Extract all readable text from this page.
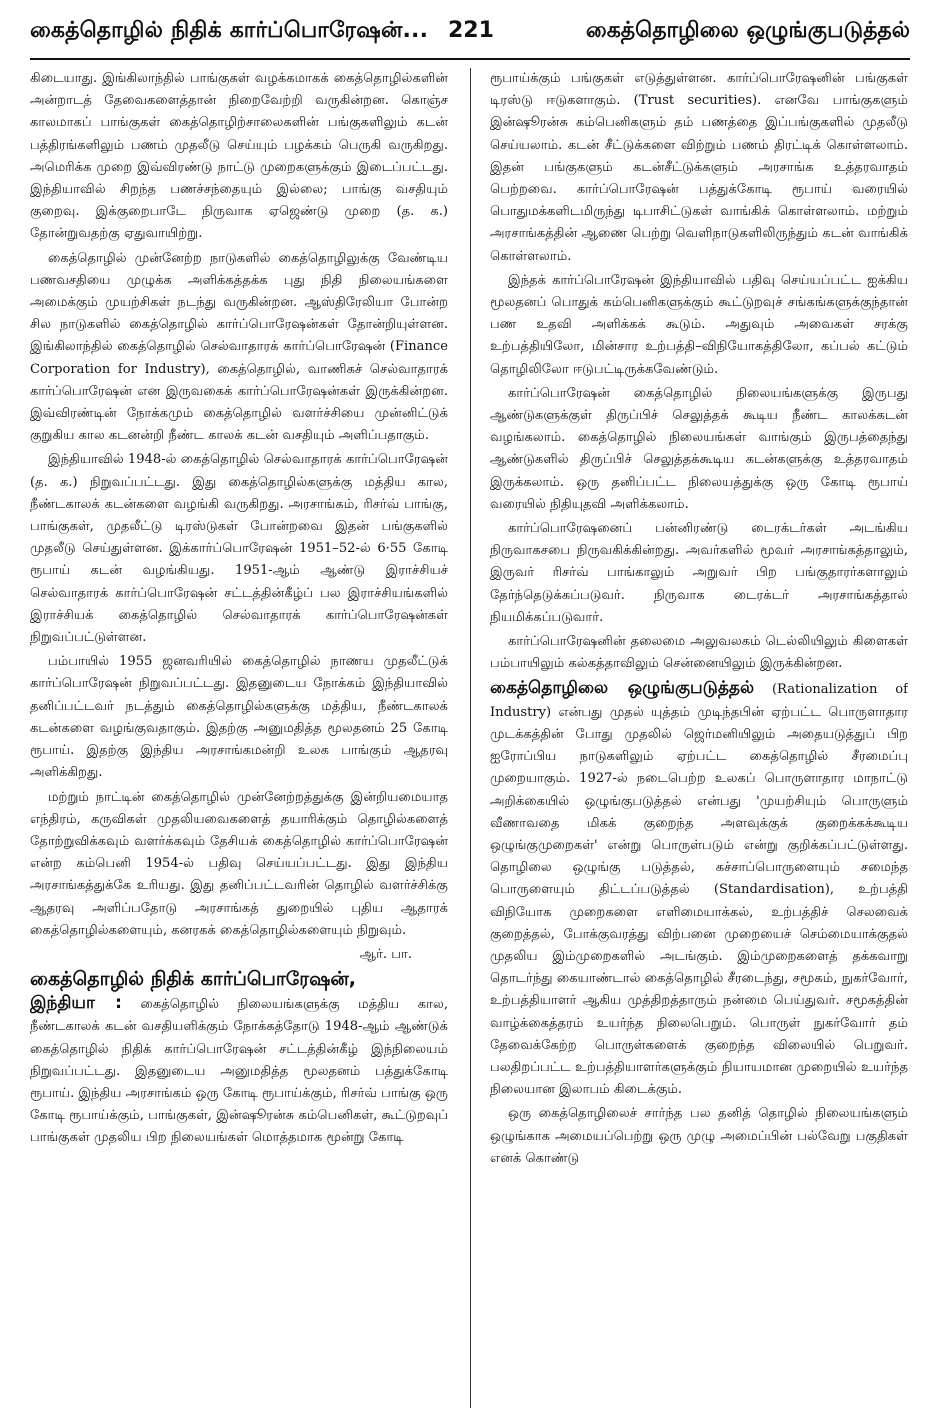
கைத்தொழில் நிதிக் கார்ப்பொரேஷன்... 221	கைத்தொழிலை ஒழுங்குபடுத்தல்

கிடையாது. இங்கிலாந்தில் பாங்குகள் வழக்கமாகக் கைத்தொழில்களின் அன்றாடத் தேவைகளைத்தான் நிறைவேற்றி வருகின்றன. கொஞ்ச காலமாகப் பாங்குகள் கைத்தொழிற்சாலைகளின் பங்குகளிலும் கடன் பத்திரங்களிலும் பணம் முதலீடு செய்யும் பழக்கம் பெருகி வருகிறது. அமெரிக்க முறை இவ்விரண்டு நாட்டு முறைகளுக்கும் இடைப்பட்டது. இந்தியாவில் சிறந்த பணச்சந்தையும் இல்லை; பாங்கு வசதியும் குறைவு. இக்குறைபாடே நிருவாக ஏஜெண்டு முறை (த. க.) தோன்றுவதற்கு ஏதுவாயிற்று.

கைத்தொழில் முன்னேற்ற நாடுகளில் கைத்தொழிலுக்கு வேண்டிய பணவசதியை முழுக்க அளிக்கத்தக்க புது நிதி நிலையங்களை அமைக்கும் முயற்சிகள் நடந்து வருகின்றன. ஆஸ்திரேலியா போன்ற சில நாடுகளில் கைத்தொழில் கார்ப்பொரேஷன்கள் தோன்றியுள்ளன. இங்கிலாந்தில் கைத்தொழில் செல்வாதாரக் கார்ப்பொரேஷன் (Finance Corporation for Industry), கைத்தொழில், வாணிகச் செல்வாதாரக் கார்ப்பொரேஷன் என இருவகைக் கார்ப்பொரேஷன்கள் இருக்கின்றன. இவ்விரண்டின் நோக்கமும் கைத்தொழில் வளர்ச்சியை முன்னிட்டுக் குறுகிய கால கடனன்றி நீண்ட காலக் கடன் வசதியும் அளிப்பதாகும்.

இந்தியாவில் 1948-ல் கைத்தொழில் செல்வாதாரக் கார்ப்பொரேஷன் (த. க.) நிறுவப்பட்டது. இது கைத்தொழில்களுக்கு மத்திய கால, நீண்டகாலக் கடன்களை வழங்கி வருகிறது. அரசாங்கம், ரிசர்வ் பாங்கு, பாங்குகள், முதலீட்டு டிரஸ்டுகள் போன்றவை இதன் பங்குகளில் முதலீடு செய்துள்ளன. இக்கார்ப்பொரேஷன் 1951–52-ல் 6·55 கோடி ரூபாய் கடன் வழங்கியது. 1951-ஆம் ஆண்டு இராச்சியச் செல்வாதாரக் கார்ப்பொரேஷன் சட்டத்தின்கீழ்ப் பல இராச்சியங்களில் இராச்சியக் கைத்தொழில் செல்வாதாரக் கார்ப்பொரேஷன்கள் நிறுவப்பட்டுள்ளன.

பம்பாயில் 1955 ஜனவரியில் கைத்தொழில் நாணய முதலீட்டுக் கார்ப்பொரேஷன் நிறுவப்பட்டது. இதனுடைய நோக்கம் இந்தியாவில் தனிப்பட்டவர் நடத்தும் கைத்தொழில்களுக்கு மத்திய, நீண்டகாலக் கடன்களை வழங்குவதாகும். இதற்கு அனுமதித்த மூலதனம் 25 கோடி ரூபாய். இதற்கு இந்திய அரசாங்கமன்றி உலக பாங்கும் ஆதரவு அளிக்கிறது.

மற்றும் நாட்டின் கைத்தொழில் முன்னேற்றத்துக்கு இன்றியமையாத எந்திரம், கருவிகள் முதலியவைகளைத் தயாரிக்கும் தொழில்களைத் தோற்றுவிக்கவும் வளர்க்கவும் தேசியக் கைத்தொழில் கார்ப்பொரேஷன் என்ற கம்பெனி 1954-ல் பதிவு செய்யப்பட்டது. இது இந்திய அரசாங்கத்துக்கே உரியது. இது தனிப்பட்டவரின் தொழில் வளர்ச்சிக்கு ஆதரவு அளிப்பதோடு அரசாங்கத் துறையில் புதிய ஆதாரக் கைத்தொழில்களையும், கனரகக் கைத்தொழில்களையும் நிறுவும்.

ஆர். பா.
கைத்தொழில் நிதிக் கார்ப்பொரேஷன்,

இந்தியா : கைத்தொழில் நிலையங்களுக்கு மத்திய கால, நீண்டகாலக் கடன் வசதியளிக்கும் நோக்கத்தோடு 1948-ஆம் ஆண்டுக் கைத்தொழில் நிதிக் கார்ப்பொரேஷன் சட்டத்தின்கீழ் இந்நிலையம் நிறுவப்பட்டது. இதனுடைய அனுமதித்த மூலதனம் பத்துக்கோடி ரூபாய். இந்திய அரசாங்கம் ஒரு கோடி ரூபாய்க்கும், ரிசர்வ் பாங்கு ஒரு கோடி ரூபாய்க்கும், பாங்குகள், இன்ஷூரன்சு கம்பெனிகள், கூட்டுறவுப் பாங்குகள் முதலிய பிற நிலையங்கள் மொத்தமாக மூன்று கோடி

ரூபாய்க்கும் பங்குகள் எடுத்துள்ளன. கார்ப்பொரேஷனின் பங்குகள் டிரஸ்டு ஈடுகளாகும். (Trust securities). எனவே பாங்குகளும் இன்ஷூரன்சு கம்பெனிகளும் தம் பணத்தை இப்பங்குகளில் முதலீடு செய்யலாம். கடன் சீட்டுக்களை விற்றும் பணம் திரட்டிக் கொள்ளலாம். இதன் பங்குகளும் கடன்சீட்டுக்களும் அரசாங்க உத்தரவாதம் பெற்றவை. கார்ப்பொரேஷன் பத்துக்கோடி ரூபாய் வரையில் பொதுமக்களிடமிருந்து டிபாசிட்டுகள் வாங்கிக் கொள்ளலாம். மற்றும் அரசாங்கத்தின் ஆணை பெற்று வெளிநாடுகளிலிருந்தும் கடன் வாங்கிக் கொள்ளலாம்.

இந்தக் கார்ப்பொரேஷன் இந்தியாவில் பதிவு செய்யப்பட்ட ஐக்கிய மூலதனப் பொதுக் கம்பெனிகளுக்கும் கூட்டுறவுச் சங்கங்களுக்குந்தான் பண உதவி அளிக்கக் கூடும். அதுவும் அவைகள் சரக்கு உற்பத்தியிலோ, மின்சார உற்பத்தி–விநியோகத்திலோ, கப்பல் கட்டும் தொழிலிலோ ஈடுபட்டிருக்கவேண்டும்.

கார்ப்பொரேஷன் கைத்தொழில் நிலையங்களுக்கு இருபது ஆண்டுகளுக்குள் திருப்பிச் செலுத்தக் கூடிய நீண்ட காலக்கடன் வழங்கலாம். கைத்தொழில் நிலையங்கள் வாங்கும் இருபத்தைந்து ஆண்டுகளில் திருப்பிச் செலுத்தக்கூடிய கடன்களுக்கு உத்தரவாதம் இருக்கலாம். ஒரு தனிப்பட்ட நிலையத்துக்கு ஒரு கோடி ரூபாய் வரையில் நிதியுதவி அளிக்கலாம்.

கார்ப்பொரேஷனைப் பன்னிரண்டு டைரக்டர்கள் அடங்கிய நிருவாகசபை நிருவகிக்கின்றது. அவர்களில் மூவர் அரசாங்கத்தாலும், இருவர் ரிசர்வ் பாங்காலும் அறுவர் பிற பங்குதாரர்களாலும் தேர்ந்தெடுக்கப்படுவர். நிருவாக டைரக்டர் அரசாங்கத்தால் நியமிக்கப்படுவார்.

கார்ப்பொரேஷனின் தலைமை அலுவலகம் டெல்லியிலும் கிளைகள் பம்பாயிலும் கல்கத்தாவிலும் சென்னையிலும் இருக்கின்றன.

கைத்தொழிலை ஒழுங்குபடுத்தல் (Rationalization of Industry) என்பது முதல் யுத்தம் முடிந்தபின் ஏற்பட்ட பொருளாதார முடக்கத்தின் போது முதலில் ஜெர்மனியிலும் அதையடுத்துப் பிற ஐரோப்பிய நாடுகளிலும் ஏற்பட்ட கைத்தொழில் சீரமைப்பு முறையாகும். 1927-ல் நடைபெற்ற உலகப் பொருளாதார மாநாட்டு அறிக்கையில் ஒழுங்குபடுத்தல் என்பது 'முயற்சியும் பொருளும் வீணாவதை மிகக் குறைந்த அளவுக்குக் குறைக்கக்கூடிய ஒழுங்குமுறைகள்' என்று பொருள்படும் என்று குறிக்கப்பட்டுள்ளது. தொழிலை ஒழுங்கு படுத்தல், கச்சாப்பொருளையும் சமைந்த பொருளையும் திட்டப்படுத்தல் (Standardisation), உற்பத்தி விநியோக முறைகளை எளிமையாக்கல், உற்பத்திச் செலவைக் குறைத்தல், போக்குவரத்து விற்பனை முறையைச் செம்மையாக்குதல் முதலிய இம்முறைகளில் அடங்கும். இம்முறைகளைத் தக்கவாறு தொடர்ந்து கையாண்டால் கைத்தொழில் சீரடைந்து, சமூகம், நுகர்வோர், உற்பத்தியாளர் ஆகிய முத்திறத்தாரும் நன்மை பெய்துவர். சமூகத்தின் வாழ்க்கைத்தரம் உயர்ந்த நிலைபெறும். பொருள் நுகர்வோர் தம் தேவைக்கேற்ற பொருள்களைக் குறைந்த விலையில் பெறுவர். பலதிறப்பட்ட உற்பத்தியாளர்களுக்கும் நியாயமான முறையில் உயர்ந்த நிலையான இலாபம் கிடைக்கும்.

ஒரு கைத்தொழிலைச் சார்ந்த பல தனித் தொழில் நிலையங்களும் ஒழுங்காக அமையப்பெற்று ஒரு முழு அமைப்பின் பல்வேறு பகுதிகள் எனக் கொண்டு
